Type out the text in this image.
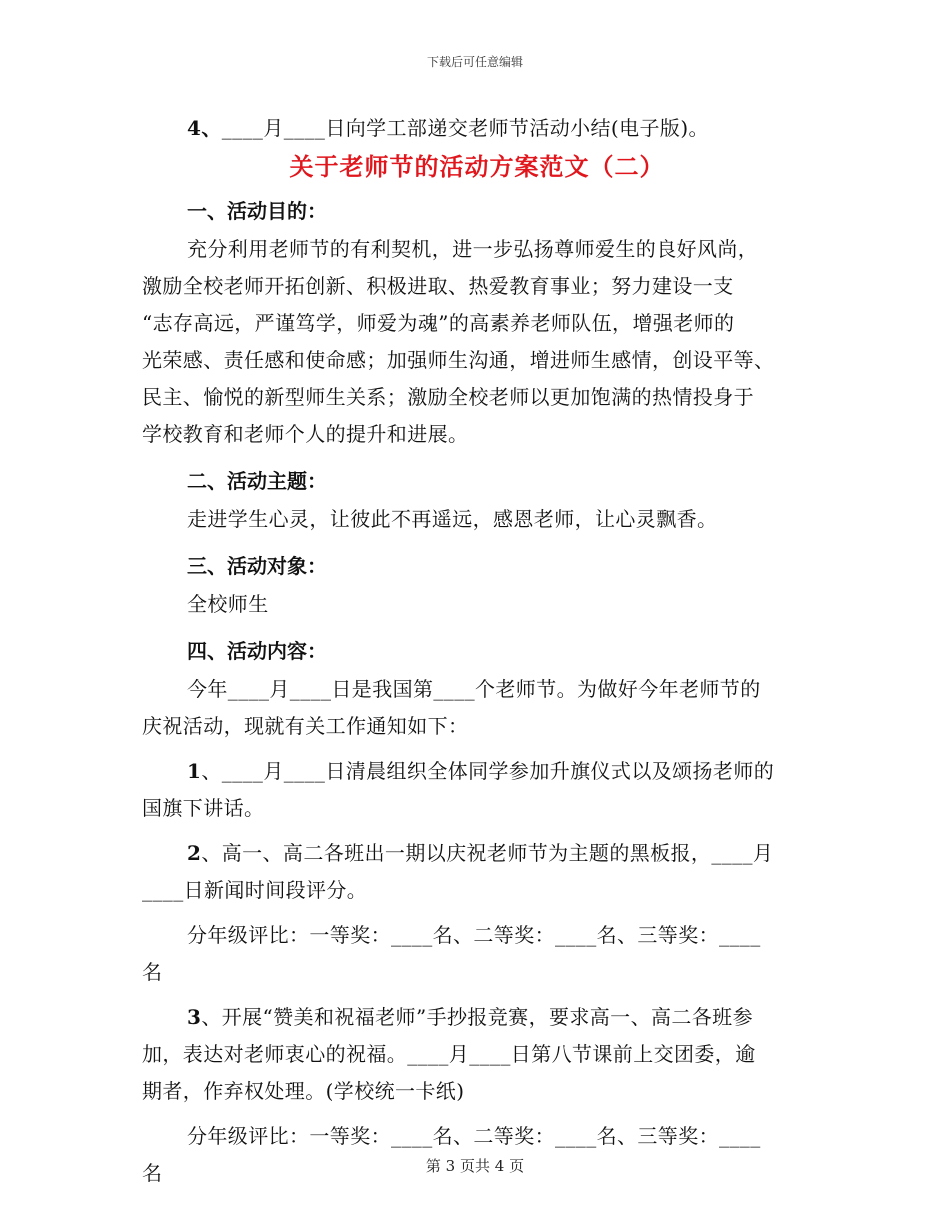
下载后可任意编辑
4、____月____日向学工部递交老师节活动小结(电子版)。
关于老师节的活动方案范文（二）
一、活动目的：
充分利用老师节的有利契机，进一步弘扬尊师爱生的良好风尚，
激励全校老师开拓创新、积极进取、热爱教育事业；努力建设一支
“志存高远，严谨笃学，师爱为魂”的高素养老师队伍，增强老师的
光荣感、责任感和使命感；加强师生沟通，增进师生感情，创设平等、
民主、愉悦的新型师生关系；激励全校老师以更加饱满的热情投身于
学校教育和老师个人的提升和进展。
二、活动主题：
走进学生心灵，让彼此不再遥远，感恩老师，让心灵飘香。
三、活动对象：
全校师生
四、活动内容：
今年____月____日是我国第____个老师节。为做好今年老师节的
庆祝活动，现就有关工作通知如下：
1、____月____日清晨组织全体同学参加升旗仪式以及颂扬老师的
国旗下讲话。
2、高一、高二各班出一期以庆祝老师节为主题的黑板报，____月
____日新闻时间段评分。
分年级评比：一等奖：____名、二等奖：____名、三等奖：____
名
3、开展“赞美和祝福老师”手抄报竞赛，要求高一、高二各班参
加，表达对老师衷心的祝福。____月____日第八节课前上交团委，逾
期者，作弃权处理。(学校统一卡纸)
分年级评比：一等奖：____名、二等奖：____名、三等奖：____
名	第 3 页共 4 页
